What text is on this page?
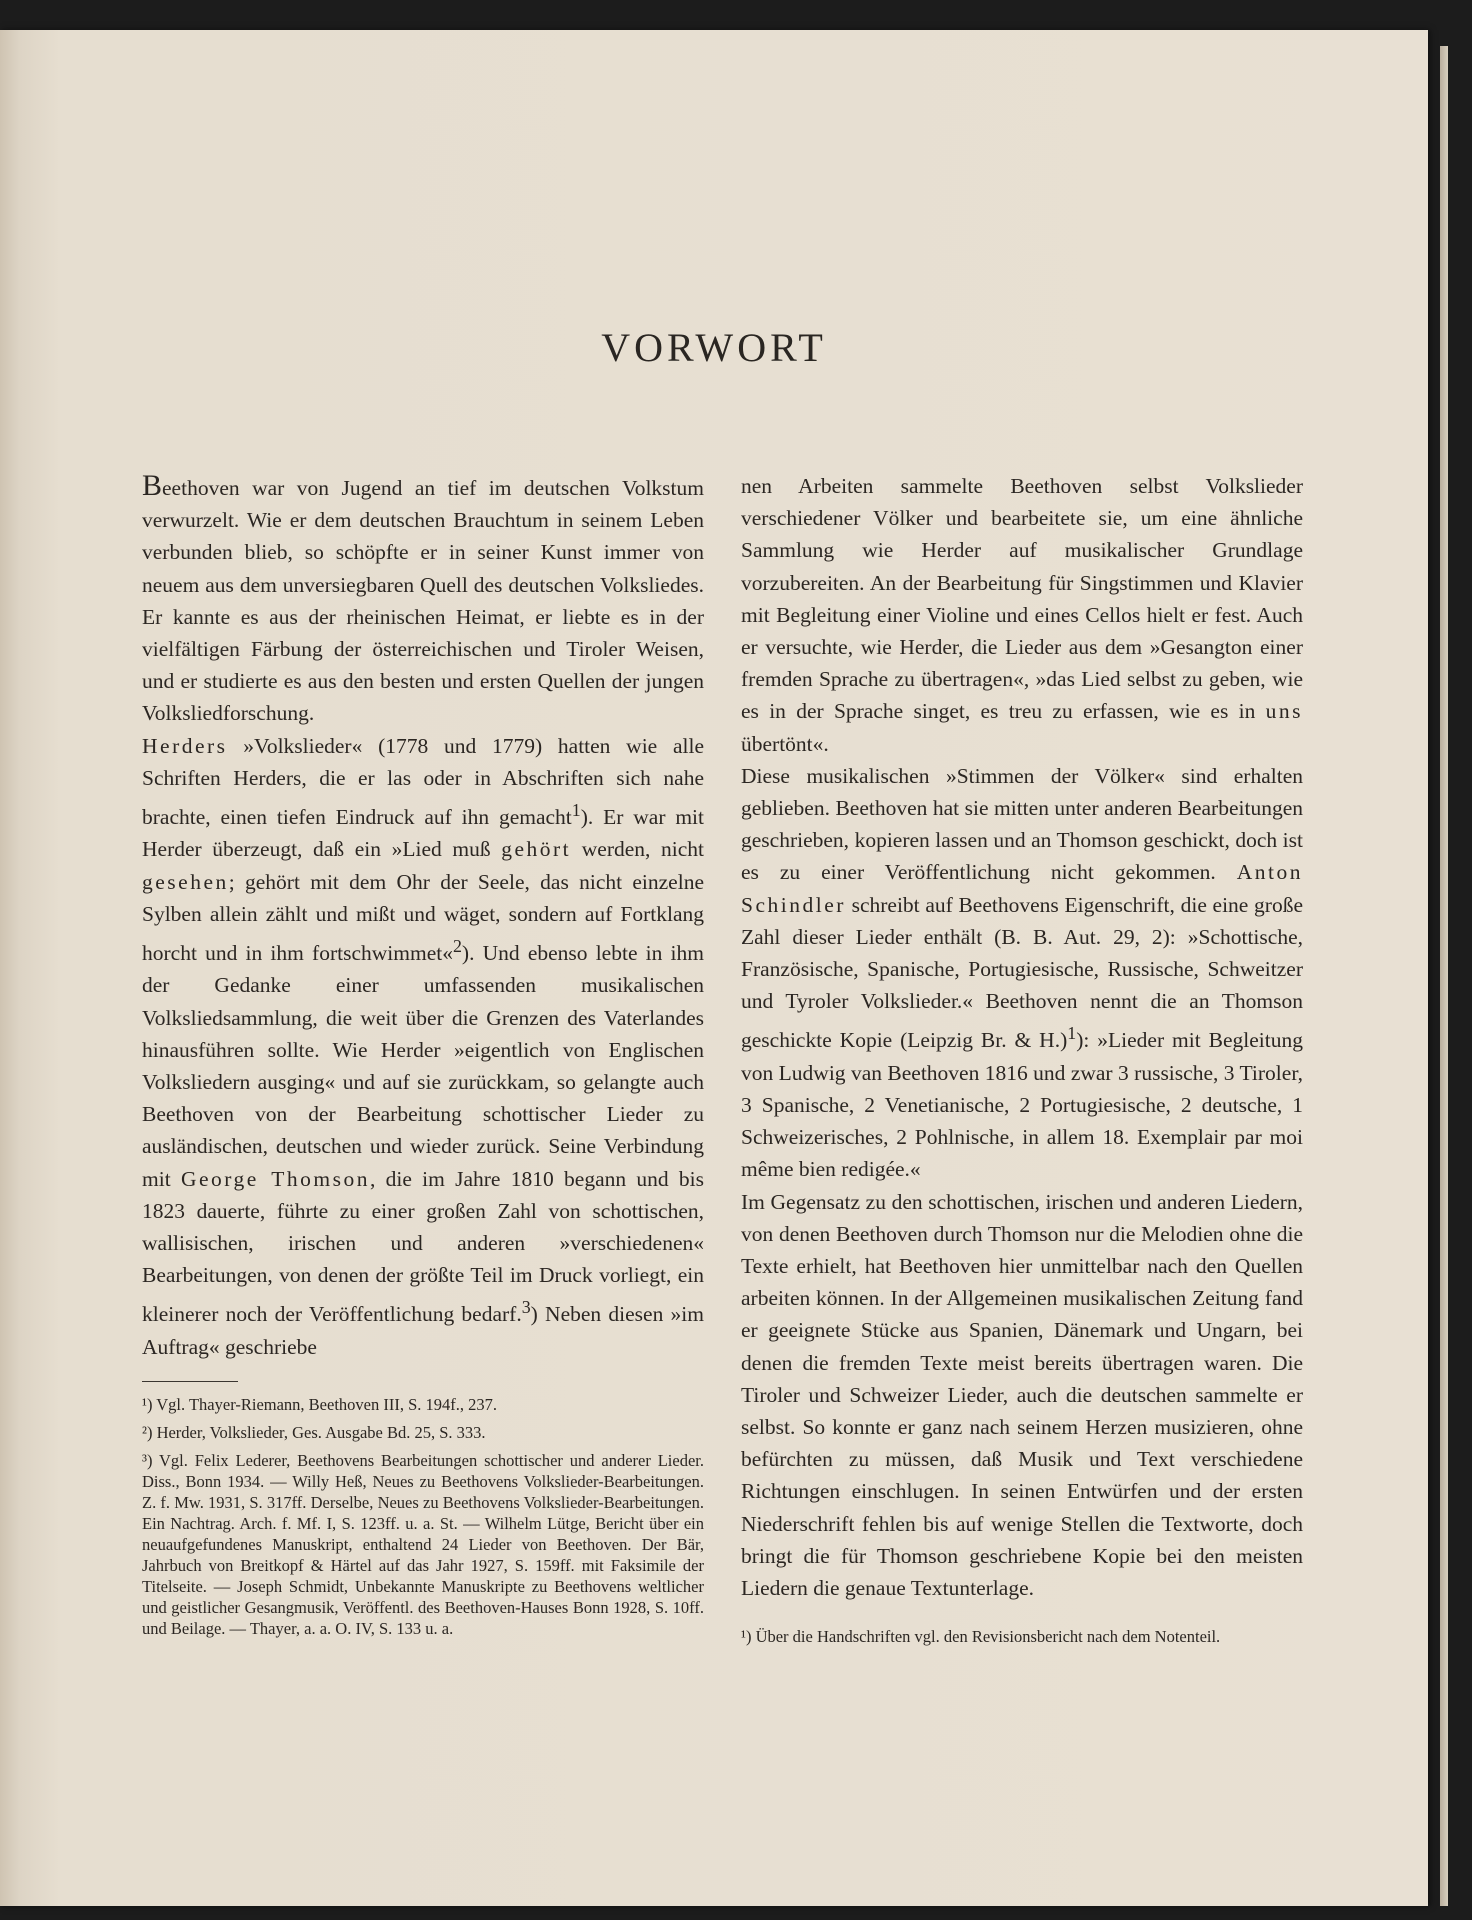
VORWORT

Beethoven war von Jugend an tief im deutschen Volkstum verwurzelt. Wie er dem deutschen Brauchtum in seinem Leben verbunden blieb, so schöpfte er in seiner Kunst immer von neuem aus dem unversiegbaren Quell des deutschen Volksliedes. Er kannte es aus der rheinischen Heimat, er liebte es in der vielfältigen Färbung der österreichischen und Tiroler Weisen, und er studierte es aus den besten und ersten Quellen der jungen Volksliedforschung.

Herders »Volkslieder« (1778 und 1779) hatten wie alle Schriften Herders, die er las oder in Abschriften sich nahe brachte, einen tiefen Eindruck auf ihn gemacht$^1$). Er war mit Herder überzeugt, daß ein »Lied muß gehört werden, nicht gesehen; gehört mit dem Ohr der Seele, das nicht einzelne Sylben allein zählt und mißt und wäget, sondern auf Fortklang horcht und in ihm fortschwimmet«$^2$). Und ebenso lebte in ihm der Gedanke einer umfassenden musikalischen Volksliedsammlung, die weit über die Grenzen des Vaterlandes hinausführen sollte. Wie Herder »eigentlich von Englischen Volksliedern ausging« und auf sie zurückkam, so gelangte auch Beethoven von der Bearbeitung schottischer Lieder zu ausländischen, deutschen und wieder zurück. Seine Verbindung mit George Thomson, die im Jahre 1810 begann und bis 1823 dauerte, führte zu einer großen Zahl von schottischen, wallisischen, irischen und anderen »verschiedenen« Bearbeitungen, von denen der größte Teil im Druck vorliegt, ein kleinerer noch der Veröffentlichung bedarf.$^3$) Neben diesen »im Auftrag« geschriebe

¹) Vgl. Thayer-Riemann, Beethoven III, S. 194f., 237.

²) Herder, Volkslieder, Ges. Ausgabe Bd. 25, S. 333.

³) Vgl. Felix Lederer, Beethovens Bearbeitungen schottischer und anderer Lieder. Diss., Bonn 1934. — Willy Heß, Neues zu Beethovens Volkslieder-Bearbeitungen. Z. f. Mw. 1931, S. 317ff. Derselbe, Neues zu Beethovens Volkslieder-Bearbeitungen. Ein Nachtrag. Arch. f. Mf. I, S. 123ff. u. a. St. — Wilhelm Lütge, Bericht über ein neuaufgefundenes Manuskript, enthaltend 24 Lieder von Beethoven. Der Bär, Jahrbuch von Breitkopf & Härtel auf das Jahr 1927, S. 159ff. mit Faksimile der Titelseite. — Joseph Schmidt, Unbekannte Manuskripte zu Beethovens weltlicher und geistlicher Gesangmusik, Veröffentl. des Beethoven-Hauses Bonn 1928, S. 10ff. und Beilage. — Thayer, a. a. O. IV, S. 133 u. a.

nen Arbeiten sammelte Beethoven selbst Volkslieder verschiedener Völker und bearbeitete sie, um eine ähnliche Sammlung wie Herder auf musikalischer Grundlage vorzubereiten. An der Bearbeitung für Singstimmen und Klavier mit Begleitung einer Violine und eines Cellos hielt er fest. Auch er versuchte, wie Herder, die Lieder aus dem »Gesangton einer fremden Sprache zu übertragen«, »das Lied selbst zu geben, wie es in der Sprache singet, es treu zu erfassen, wie es in uns übertönt«.

Diese musikalischen »Stimmen der Völker« sind erhalten geblieben. Beethoven hat sie mitten unter anderen Bearbeitungen geschrieben, kopieren lassen und an Thomson geschickt, doch ist es zu einer Veröffentlichung nicht gekommen. Anton Schindler schreibt auf Beethovens Eigenschrift, die eine große Zahl dieser Lieder enthält (B. B. Aut. 29, 2): »Schottische, Französische, Spanische, Portugiesische, Russische, Schweitzer und Tyroler Volkslieder.« Beethoven nennt die an Thomson geschickte Kopie (Leipzig Br. & H.)$^1$): »Lieder mit Begleitung von Ludwig van Beethoven 1816 und zwar 3 russische, 3 Tiroler, 3 Spanische, 2 Venetianische, 2 Portugiesische, 2 deutsche, 1 Schweizerisches, 2 Pohlnische, in allem 18. Exemplair par moi même bien redigée.«

Im Gegensatz zu den schottischen, irischen und anderen Liedern, von denen Beethoven durch Thomson nur die Melodien ohne die Texte erhielt, hat Beethoven hier unmittelbar nach den Quellen arbeiten können. In der Allgemeinen musikalischen Zeitung fand er geeignete Stücke aus Spanien, Dänemark und Ungarn, bei denen die fremden Texte meist bereits übertragen waren. Die Tiroler und Schweizer Lieder, auch die deutschen sammelte er selbst. So konnte er ganz nach seinem Herzen musizieren, ohne befürchten zu müssen, daß Musik und Text verschiedene Richtungen einschlugen. In seinen Entwürfen und der ersten Niederschrift fehlen bis auf wenige Stellen die Textworte, doch bringt die für Thomson geschriebene Kopie bei den meisten Liedern die genaue Textunterlage.

¹) Über die Handschriften vgl. den Revisionsbericht nach dem Notenteil.
